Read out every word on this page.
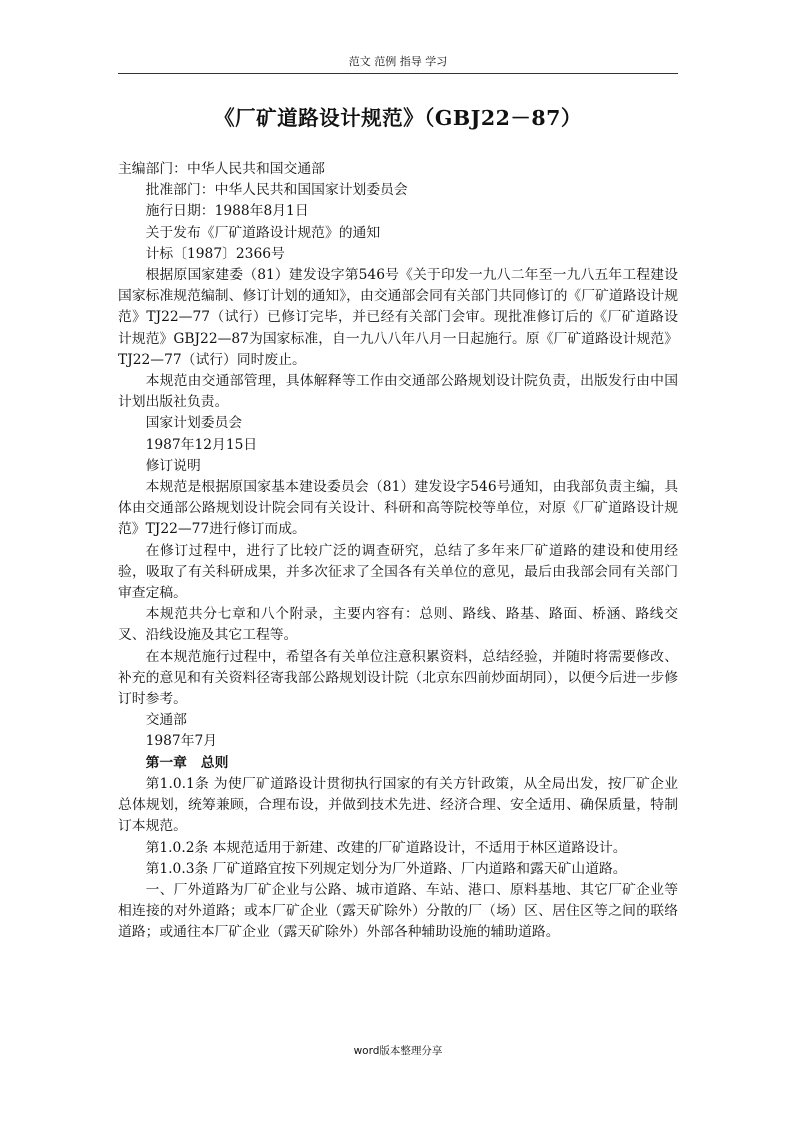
范文 范例 指导 学习
《厂矿道路设计规范》（GBJ22－87）

主编部门：中华人民共和国交通部

批准部门：中华人民共和国国家计划委员会

施行日期：1988年8月1日

关于发布《厂矿道路设计规范》的通知

计标〔1987〕2366号

根据原国家建委（81）建发设字第546号《关于印发一九八二年至一九八五年工程建设国家标准规范编制、修订计划的通知》，由交通部会同有关部门共同修订的《厂矿道路设计规范》TJ22—77（试行）已修订完毕，并已经有关部门会审。现批准修订后的《厂矿道路设计规范》GBJ22—87为国家标准，自一九八八年八月一日起施行。原《厂矿道路设计规范》TJ22—77（试行）同时废止。

本规范由交通部管理，具体解释等工作由交通部公路规划设计院负责，出版发行由中国计划出版社负责。

国家计划委员会

1987年12月15日

修订说明

本规范是根据原国家基本建设委员会（81）建发设字546号通知，由我部负责主编，具体由交通部公路规划设计院会同有关设计、科研和高等院校等单位，对原《厂矿道路设计规范》TJ22—77进行修订而成。

在修订过程中，进行了比较广泛的调查研究，总结了多年来厂矿道路的建设和使用经验，吸取了有关科研成果，并多次征求了全国各有关单位的意见，最后由我部会同有关部门审查定稿。

本规范共分七章和八个附录，主要内容有：总则、路线、路基、路面、桥涵、路线交叉、沿线设施及其它工程等。

在本规范施行过程中，希望各有关单位注意积累资料，总结经验，并随时将需要修改、补充的意见和有关资料径寄我部公路规划设计院（北京东四前炒面胡同），以便今后进一步修订时参考。

交通部

1987年7月

第一章　总则

第1.0.1条 为使厂矿道路设计贯彻执行国家的有关方针政策，从全局出发，按厂矿企业总体规划，统筹兼顾，合理布设，并做到技术先进、经济合理、安全适用、确保质量，特制订本规范。

第1.0.2条 本规范适用于新建、改建的厂矿道路设计，不适用于林区道路设计。

第1.0.3条 厂矿道路宜按下列规定划分为厂外道路、厂内道路和露天矿山道路。

一、厂外道路为厂矿企业与公路、城市道路、车站、港口、原料基地、其它厂矿企业等相连接的对外道路；或本厂矿企业（露天矿除外）分散的厂（场）区、居住区等之间的联络道路；或通往本厂矿企业（露天矿除外）外部各种辅助设施的辅助道路。

word版本整理分享
